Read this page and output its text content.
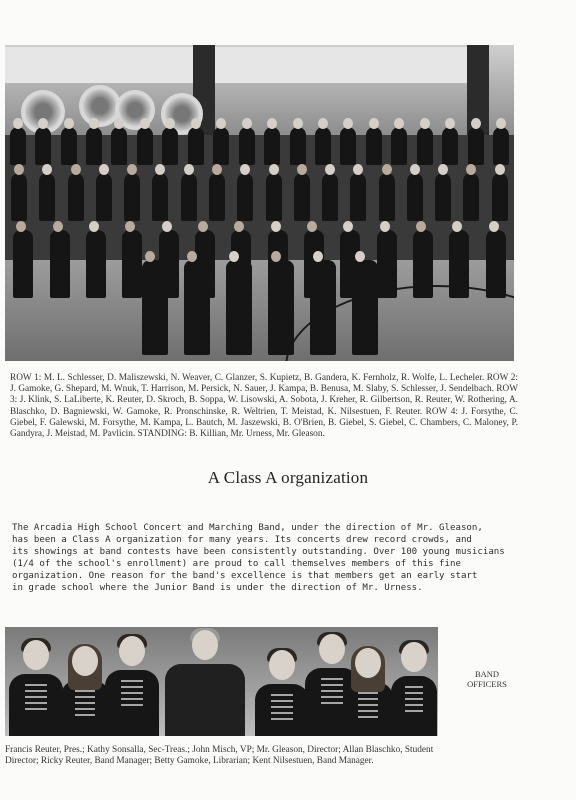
ROW 1: M. L. Schlesser, D. Maliszewski, N. Weaver, C. Glanzer, S. Kupietz, B. Gandera, K. Fernholz, R. Wolfe, L. Lecheler. ROW 2: J. Gamoke, G. Shepard, M. Wnuk, T. Harrison, M. Persick, N. Sauer, J. Kampa, B. Benusa, M. Slaby, S. Schlesser, J. Sendelbach. ROW 3: J. Klink, S. LaLiberte, K. Reuter, D. Skroch, B. Soppa, W. Lisowski, A. Sobota, J. Kreher, R. Gilbertson, R. Reuter, W. Rothering, A. Blaschko, D. Bagniewski, W. Gamoke, R. Pronschinske, R. Weltrien, T. Meistad, K. Nilsestuen, F. Reuter. ROW 4: J. Forsythe, C. Giebel, F. Galewski, M. Forsythe, M. Kampa, L. Bautch, M. Jaszewski, B. O'Brien, B. Giebel, S. Giebel, C. Chambers, C. Maloney, P. Gandyra, J. Meistad, M. Pavlicin. STANDING: B. Killian, Mr. Urness, Mr. Gleason.

A Class A organization

The Arcadia High School Concert and Marching Band, under the direction of Mr. Gleason,
has been a Class A organization for many years. Its concerts drew record crowds, and
its showings at band contests have been consistently outstanding. Over 100 young musicians
(1/4 of the school's enrollment) are proud to call themselves members of this fine
organization. One reason for the band's excellence is that members get an early start
in grade school where the Junior Band is under the direction of Mr. Urness.

BAND
OFFICERS

Francis Reuter, Pres.; Kathy Sonsalla, Sec-Treas.; John Misch, VP; Mr. Gleason, Director; Allan Blaschko, Student Director; Ricky Reuter, Band Manager; Betty Gamoke, Librarian; Kent Nilsestuen, Band Manager.
